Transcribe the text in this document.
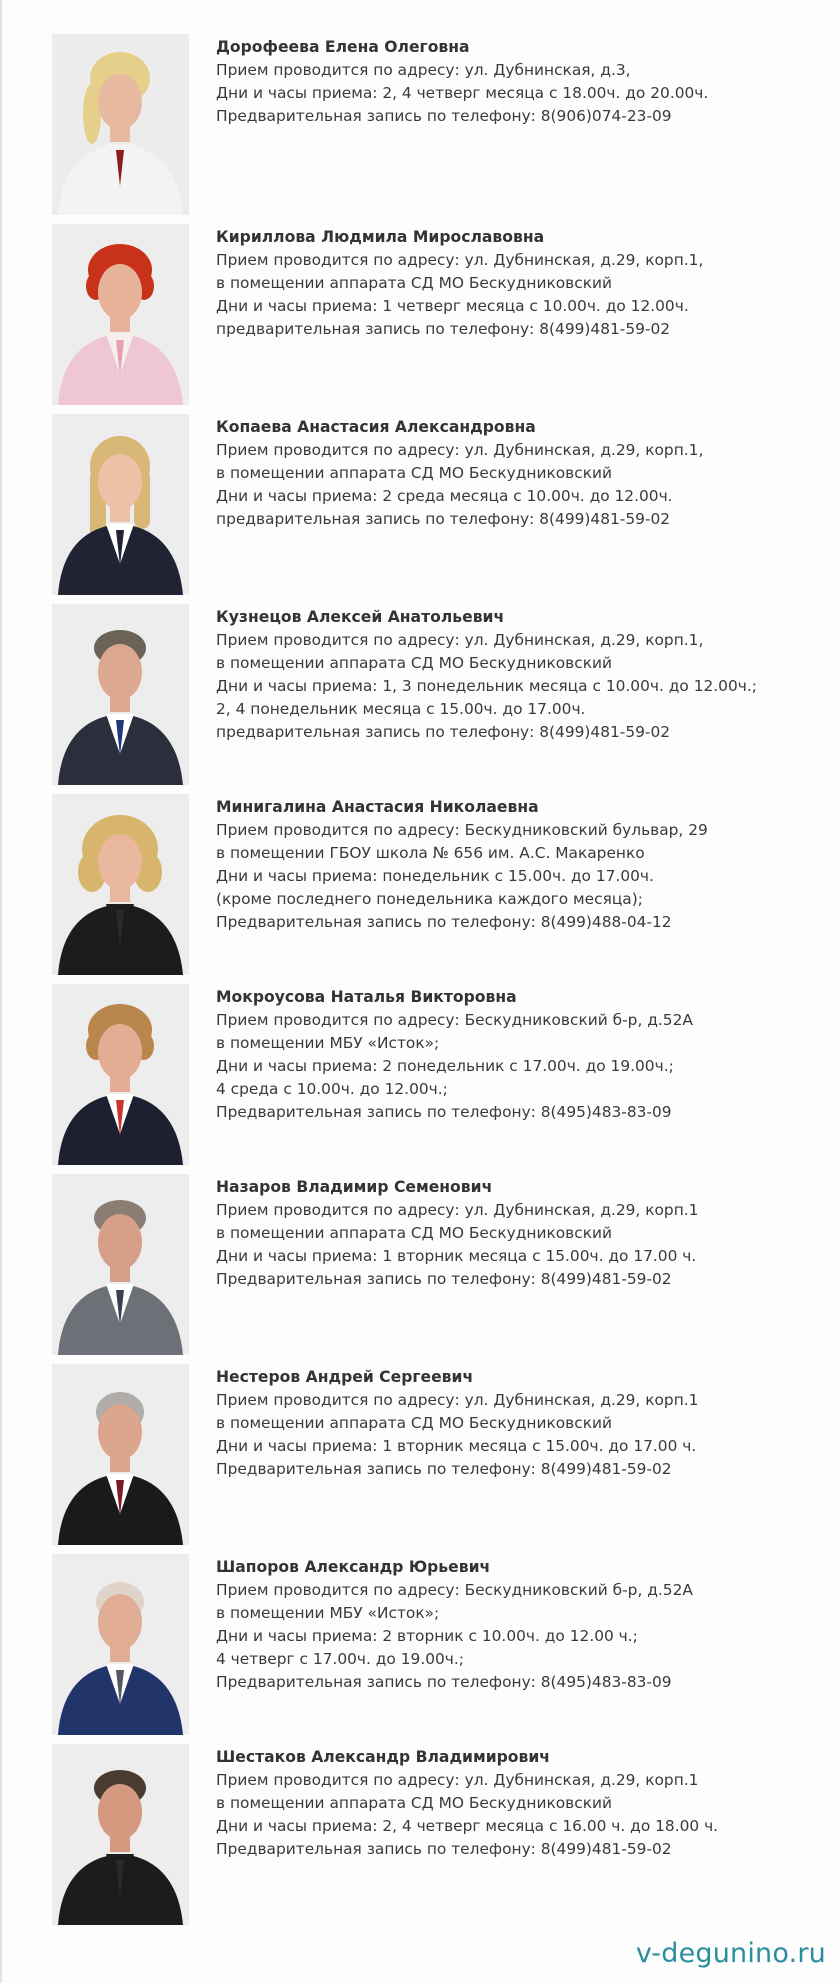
Дорофеева Елена Олеговна
Прием проводится по адресу: ул. Дубнинская, д.3,
Дни и часы приема: 2, 4 четверг месяца с 18.00ч. до 20.00ч.
Предварительная запись по телефону: 8(906)074-23-09
Кириллова Людмила Мирославовна
Прием проводится по адресу: ул. Дубнинская, д.29, корп.1,
в помещении аппарата СД МО Бескудниковский
Дни и часы приема: 1 четверг месяца с 10.00ч. до 12.00ч.
предварительная запись по телефону: 8(499)481-59-02
Копаева Анастасия Александровна
Прием проводится по адресу: ул. Дубнинская, д.29, корп.1,
в помещении аппарата СД МО Бескудниковский
Дни и часы приема: 2 среда месяца с 10.00ч. до 12.00ч.
предварительная запись по телефону: 8(499)481-59-02
Кузнецов Алексей Анатольевич
Прием проводится по адресу: ул. Дубнинская, д.29, корп.1,
в помещении аппарата СД МО Бескудниковский
Дни и часы приема: 1, 3 понедельник месяца с 10.00ч. до 12.00ч.;
2, 4 понедельник месяца с 15.00ч. до 17.00ч.
предварительная запись по телефону: 8(499)481-59-02
Минигалина Анастасия Николаевна
Прием проводится по адресу: Бескудниковский бульвар, 29
в помещении ГБОУ школа № 656 им. А.С. Макаренко
Дни и часы приема: понедельник с 15.00ч. до 17.00ч.
(кроме последнего понедельника каждого месяца);
Предварительная запись по телефону: 8(499)488-04-12
Мокроусова Наталья Викторовна
Прием проводится по адресу: Бескудниковский б-р, д.52А
в помещении МБУ «Исток»;
Дни и часы приема: 2 понедельник с 17.00ч. до 19.00ч.;
4 среда с 10.00ч. до 12.00ч.;
Предварительная запись по телефону: 8(495)483-83-09
Назаров Владимир Семенович
Прием проводится по адресу: ул. Дубнинская, д.29, корп.1
в помещении аппарата СД МО Бескудниковский
Дни и часы приема: 1 вторник месяца с 15.00ч. до 17.00 ч.
Предварительная запись по телефону: 8(499)481-59-02
Нестеров Андрей Сергеевич
Прием проводится по адресу: ул. Дубнинская, д.29, корп.1
в помещении аппарата СД МО Бескудниковский
Дни и часы приема: 1 вторник месяца с 15.00ч. до 17.00 ч.
Предварительная запись по телефону: 8(499)481-59-02
Шапоров Александр Юрьевич
Прием проводится по адресу: Бескудниковский б-р, д.52А
в помещении МБУ «Исток»;
Дни и часы приема: 2 вторник с 10.00ч. до 12.00 ч.;
4 четверг с 17.00ч. до 19.00ч.;
Предварительная запись по телефону: 8(495)483-83-09
Шестаков Александр Владимирович
Прием проводится по адресу: ул. Дубнинская, д.29, корп.1
в помещении аппарата СД МО Бескудниковский
Дни и часы приема: 2, 4 четверг месяца с 16.00 ч. до 18.00 ч.
Предварительная запись по телефону: 8(499)481-59-02
v-degunino.ru
